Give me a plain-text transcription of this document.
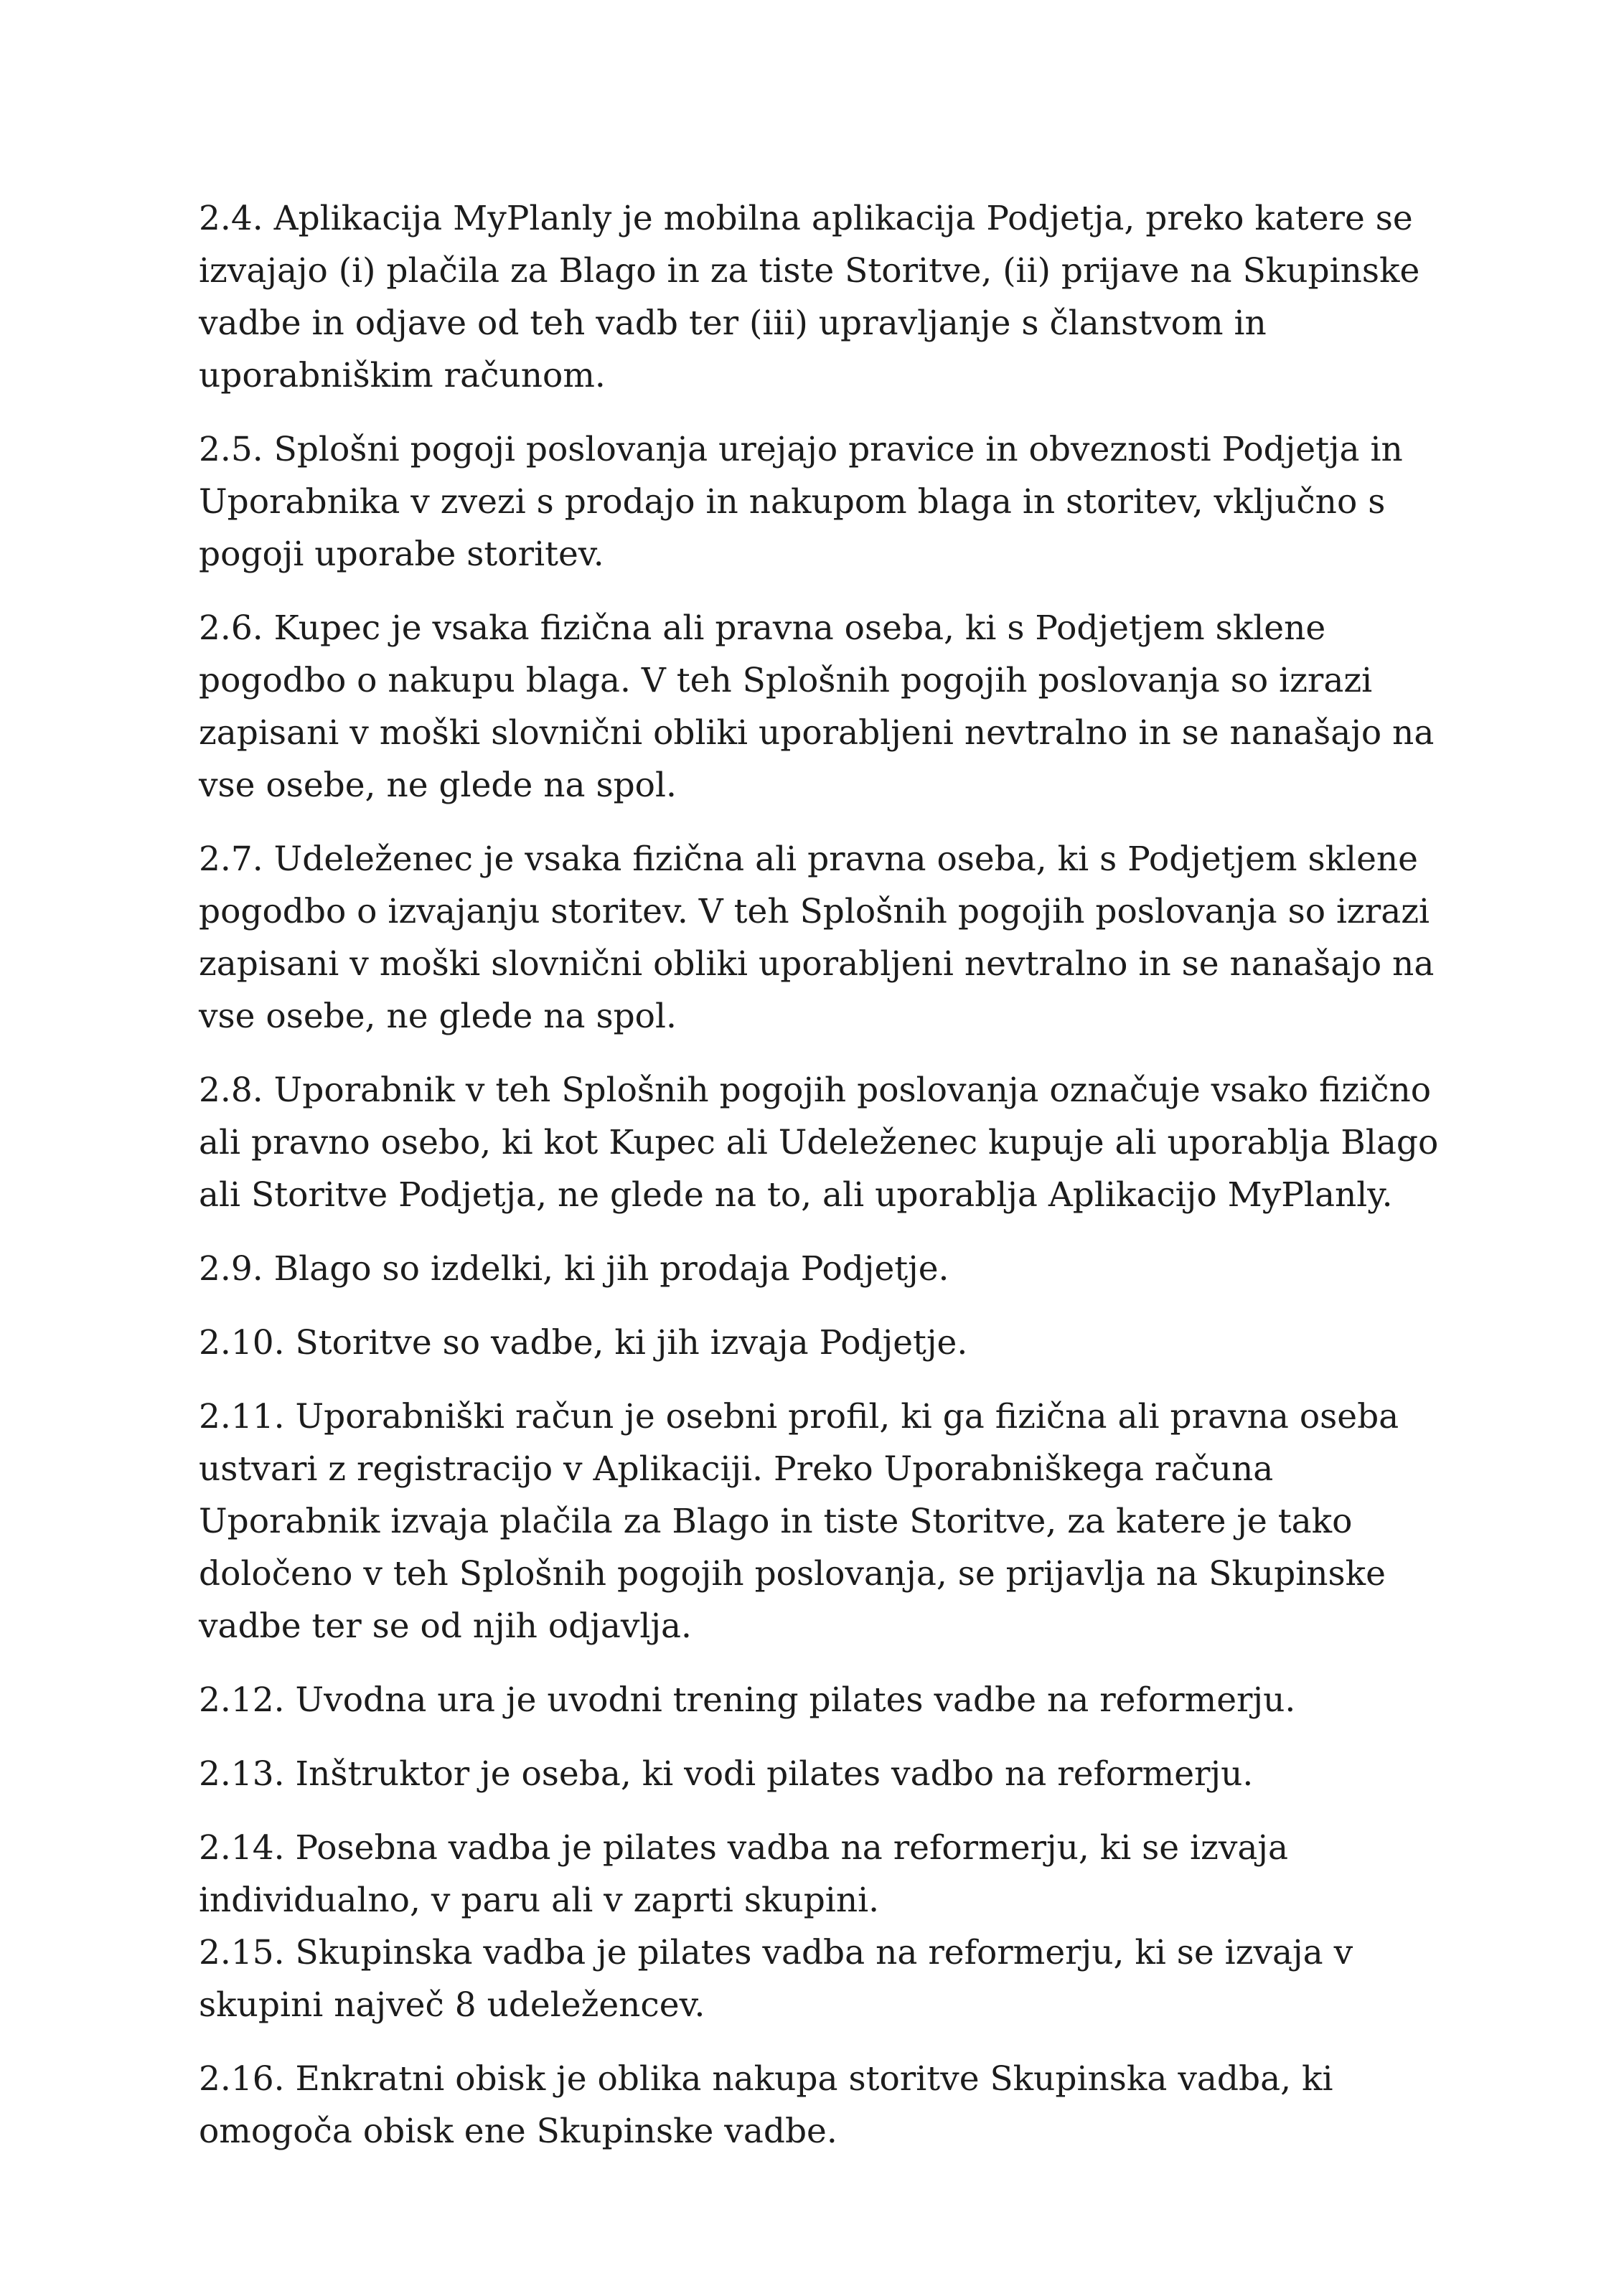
2.4. Aplikacija MyPlanly je mobilna aplikacija Podjetja, preko katere se izvajajo (i) plačila za Blago in za tiste Storitve, (ii) prijave na Skupinske vadbe in odjave od teh vadb ter (iii) upravljanje s članstvom in uporabniškim računom.

2.5. Splošni pogoji poslovanja urejajo pravice in obveznosti Podjetja in Uporabnika v zvezi s prodajo in nakupom blaga in storitev, vključno s pogoji uporabe storitev.

2.6. Kupec je vsaka fizična ali pravna oseba, ki s Podjetjem sklene pogodbo o nakupu blaga. V teh Splošnih pogojih poslovanja so izrazi zapisani v moški slovnični obliki uporabljeni nevtralno in se nanašajo na vse osebe, ne glede na spol.

2.7. Udeleženec je vsaka fizična ali pravna oseba, ki s Podjetjem sklene pogodbo o izvajanju storitev. V teh Splošnih pogojih poslovanja so izrazi zapisani v moški slovnični obliki uporabljeni nevtralno in se nanašajo na vse osebe, ne glede na spol.

2.8. Uporabnik v teh Splošnih pogojih poslovanja označuje vsako fizično ali pravno osebo, ki kot Kupec ali Udeleženec kupuje ali uporablja Blago ali Storitve Podjetja, ne glede na to, ali uporablja Aplikacijo MyPlanly.

2.9. Blago so izdelki, ki jih prodaja Podjetje.

2.10. Storitve so vadbe, ki jih izvaja Podjetje.

2.11. Uporabniški račun je osebni profil, ki ga fizična ali pravna oseba ustvari z registracijo v Aplikaciji. Preko Uporabniškega računa Uporabnik izvaja plačila za Blago in tiste Storitve, za katere je tako določeno v teh Splošnih pogojih poslovanja, se prijavlja na Skupinske vadbe ter se od njih odjavlja.

2.12. Uvodna ura je uvodni trening pilates vadbe na reformerju.

2.13. Inštruktor je oseba, ki vodi pilates vadbo na reformerju.

2.14. Posebna vadba je pilates vadba na reformerju, ki se izvaja individualno, v paru ali v zaprti skupini.

2.15. Skupinska vadba je pilates vadba na reformerju, ki se izvaja v skupini največ 8 udeležencev.

2.16. Enkratni obisk je oblika nakupa storitve Skupinska vadba, ki omogoča obisk ene Skupinske vadbe.
